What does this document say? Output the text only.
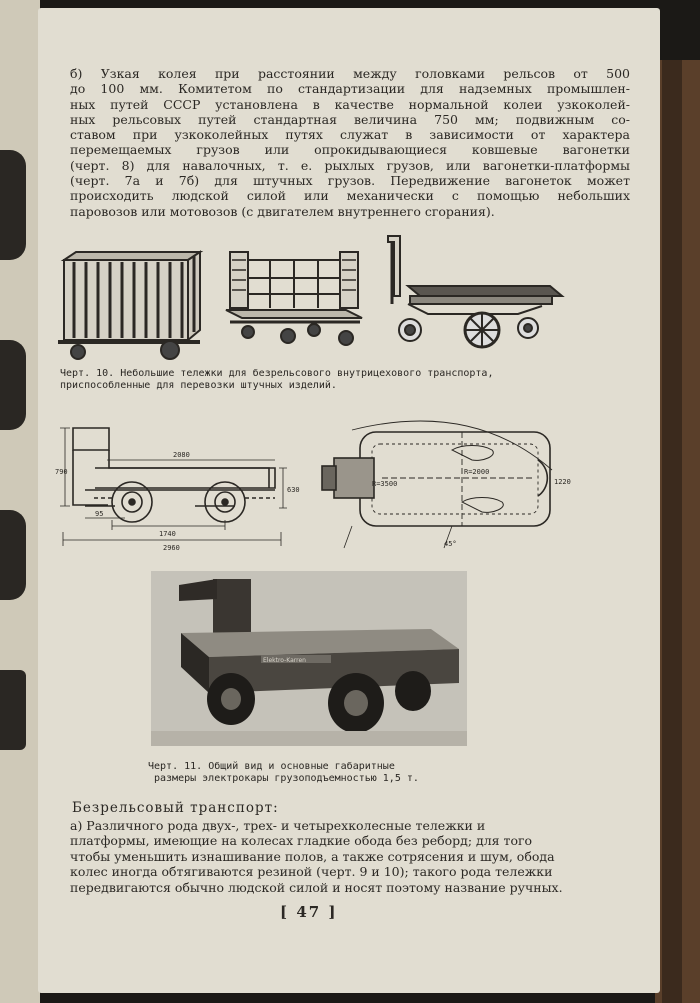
б) Узкая колея при расстоянии между головками рельсов от 500
до 100 мм. Комитетом по стандартизации для надземных промышлен-
ных путей СССР установлена в качестве нормальной колеи узкоколей-
ных рельсовых путей стандартная величина 750 мм; подвижным со-
ставом при узкоколейных путях служат в зависимости от характера
перемещаемых грузов или опрокидывающиеся ковшевые вагонетки
(черт. 8) для навалочных, т. е. рыхлых грузов, или вагонетки-платформы
(черт. 7а и 7б) для штучных грузов. Передвижение вагонеток может
происходить людской силой или механически с помощью небольших
паровозов или мотовозов (с двигателем внутреннего сгорания).
Черт. 10. Небольшие тележки для безрельсового внутрицехового транспорта,
приспособленные для перевозки штучных изделий.
2080
790
630
1740
95
2960
R=2000
R=3500	1220
45°
Elektro-Karren
Черт. 11. Общий вид и основные габаритные
размеры электрокары грузоподъемностью 1,5 т.
Безрельсовый транспорт:
а) Различного рода двух-, трех- и четырехколесные тележки и
платформы, имеющие на колесах гладкие обода без реборд; для того
чтобы уменьшить изнашивание полов, а также сотрясения и шум, обода
колес иногда обтягиваются резиной (черт. 9 и 10); такого рода тележки
передвигаются обычно людской силой и носят поэтому название ручных.
[ 47 ]
